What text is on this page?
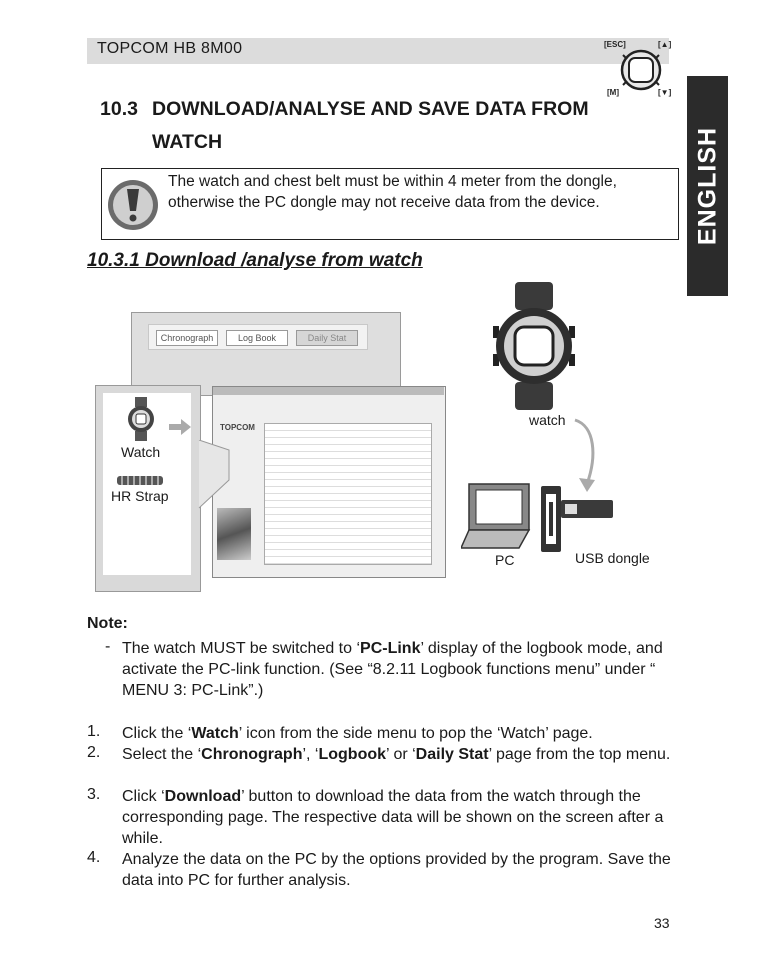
TOPCOM HB 8M00	[ESC]	[▲]
[M]	[▼]
ENGLISH
10.3 DOWNLOAD/ANALYSE AND SAVE DATA FROM
WATCH
The watch and chest belt must be within 4 meter from the dongle, otherwise the PC dongle may not receive data from the device.
10.3.1 Download /analyse from watch
Chronograph	Log Book	Daily Stat
Watch
HR Strap
TOPCOM	watch
PC	USB dongle
Note:
- The watch MUST be switched to ‘PC-Link’ display of the logbook mode, and activate the PC-link function. (See “8.2.11 Logbook functions menu” under “ MENU 3: PC-Link”.)
1. Click the ‘Watch’ icon from the side menu to pop the ‘Watch’ page.
2. Select the ‘Chronograph’, ‘Logbook’ or ‘Daily Stat’ page from the top menu.
3. Click ‘Download’ button to download the data from the watch through the corresponding page. The respective data will be shown on the screen after a while.
4. Analyze the data on the PC by the options provided by the program. Save the data into PC for further analysis.
33
